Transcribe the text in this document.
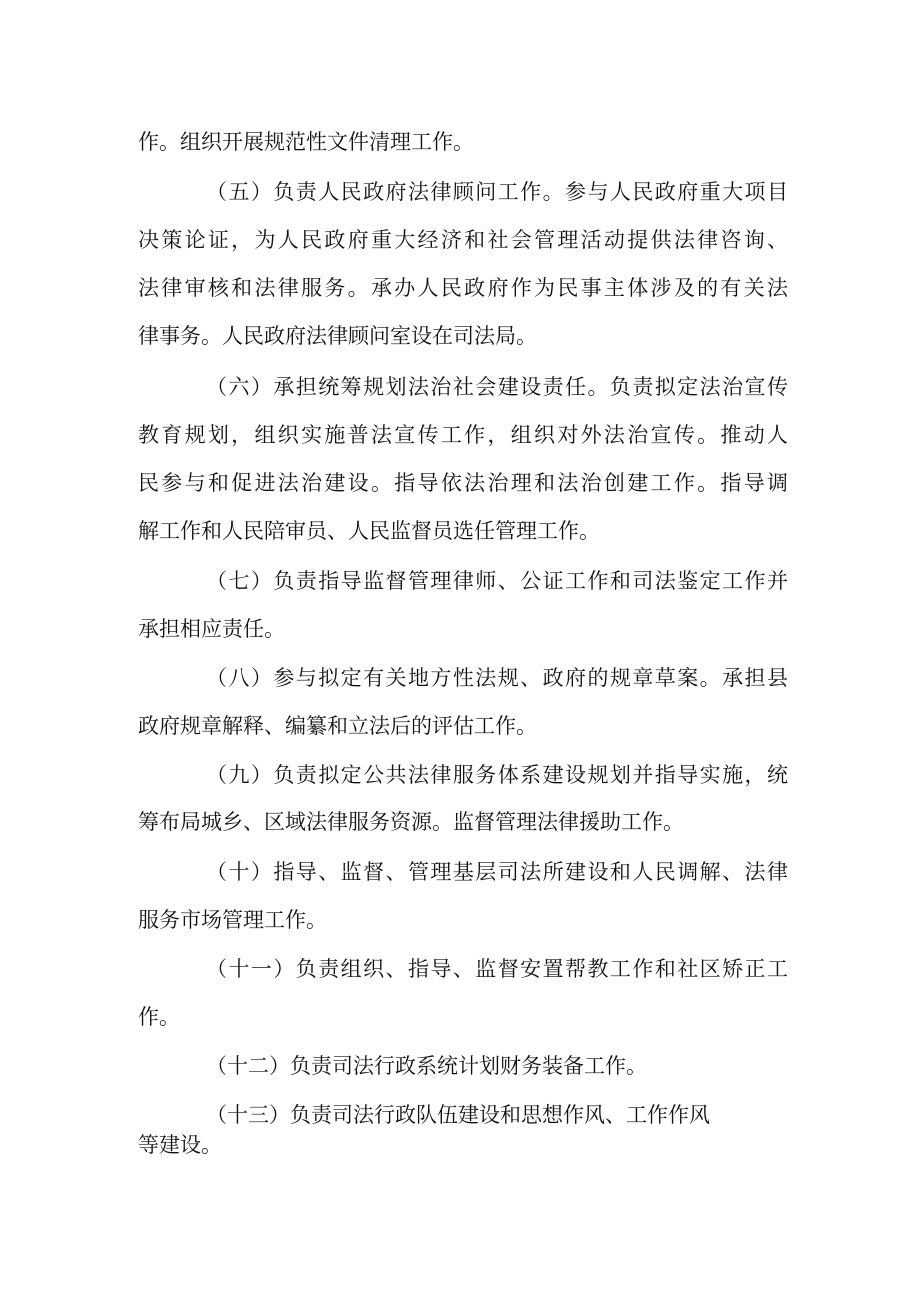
作。组织开展规范性文件清理工作。
（五）负责人民政府法律顾问工作。参与人民政府重大项目
决策论证，为人民政府重大经济和社会管理活动提供法律咨询、
法律审核和法律服务。承办人民政府作为民事主体涉及的有关法
律事务。人民政府法律顾问室设在司法局。
（六）承担统筹规划法治社会建设责任。负责拟定法治宣传
教育规划，组织实施普法宣传工作，组织对外法治宣传。推动人
民参与和促进法治建设。指导依法治理和法治创建工作。指导调
解工作和人民陪审员、人民监督员选任管理工作。
（七）负责指导监督管理律师、公证工作和司法鉴定工作并
承担相应责任。
（八）参与拟定有关地方性法规、政府的规章草案。承担县
政府规章解释、编纂和立法后的评估工作。
（九）负责拟定公共法律服务体系建设规划并指导实施，统
筹布局城乡、区域法律服务资源。监督管理法律援助工作。
（十）指导、监督、管理基层司法所建设和人民调解、法律
服务市场管理工作。
（十一）负责组织、指导、监督安置帮教工作和社区矫正工
作。
（十二）负责司法行政系统计划财务装备工作。
（十三）负责司法行政队伍建设和思想作风、工作作风
等建设。
